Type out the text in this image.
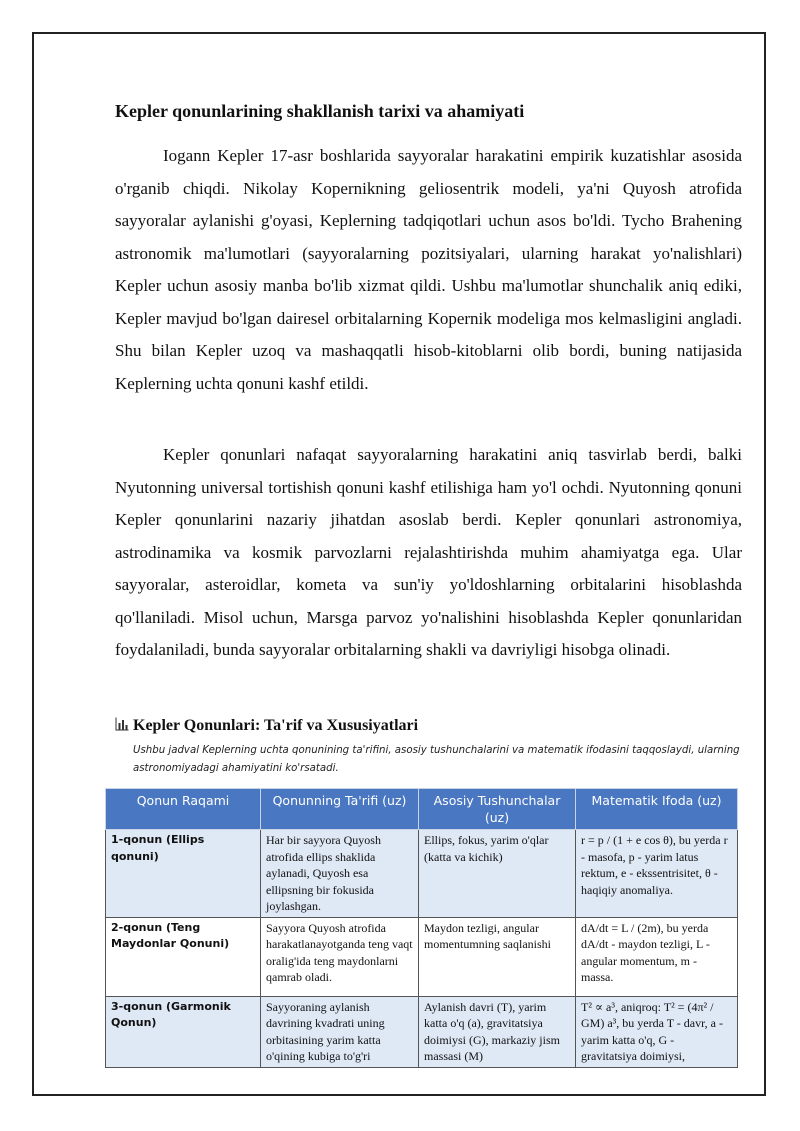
Kepler qonunlarining shakllanish tarixi va ahamiyati

Iogann Kepler 17-asr boshlarida sayyoralar harakatini empirik kuzatishlar asosida o'rganib chiqdi. Nikolay Kopernikning geliosentrik modeli, ya'ni Quyosh atrofida sayyoralar aylanishi g'oyasi, Keplerning tadqiqotlari uchun asos bo'ldi. Tycho Brahening astronomik ma'lumotlari (sayyoralarning pozitsiyalari, ularning harakat yo'nalishlari) Kepler uchun asosiy manba bo'lib xizmat qildi. Ushbu ma'lumotlar shunchalik aniq ediki, Kepler mavjud bo'lgan dairesel orbitalarning Kopernik modeliga mos kelmasligini angladi. Shu bilan Kepler uzoq va mashaqqatli hisob-kitoblarni olib bordi, buning natijasida Keplerning uchta qonuni kashf etildi.

Kepler qonunlari nafaqat sayyoralarning harakatini aniq tasvirlab berdi, balki Nyutonning universal tortishish qonuni kashf etilishiga ham yo'l ochdi. Nyutonning qonuni Kepler qonunlarini nazariy jihatdan asoslab berdi. Kepler qonunlari astronomiya, astrodinamika va kosmik parvozlarni rejalashtirishda muhim ahamiyatga ega. Ular sayyoralar, asteroidlar, kometa va sun'iy yo'ldoshlarning orbitalarini hisoblashda qo'llaniladi. Misol uchun, Marsga parvoz yo'nalishini hisoblashda Kepler qonunlaridan foydalaniladi, bunda sayyoralar orbitalarning shakli va davriyligi hisobga olinadi.

Kepler Qonunlari: Ta'rif va Xususiyatlari
Ushbu jadval Keplerning uchta qonunining ta'rifini, asosiy tushunchalarini va matematik ifodasini taqqoslaydi, ularning astronomiyadagi ahamiyatini ko'rsatadi.
Qonun Raqami	Qonunning Ta'rifi (uz)	Asosiy Tushunchalar (uz)	Matematik Ifoda (uz)
1-qonun (Ellips qonuni)	Har bir sayyora Quyosh atrofida ellips shaklida aylanadi, Quyosh esa ellipsning bir fokusida joylashgan.	Ellips, fokus, yarim o'qlar (katta va kichik)	r = p / (1 + e cos θ), bu yerda r - masofa, p - yarim latus rektum, e - ekssentrisitet, θ - haqiqiy anomaliya.
2-qonun (Teng Maydonlar Qonuni)	Sayyora Quyosh atrofida harakatlanayotganda teng vaqt oralig'ida teng maydonlarni qamrab oladi.	Maydon tezligi, angular momentumning saqlanishi	dA/dt = L / (2m), bu yerda dA/dt - maydon tezligi, L - angular momentum, m - massa.
3-qonun (Garmonik Qonun)	Sayyoraning aylanish davrining kvadrati uning orbitasining yarim katta o'qining kubiga to'g'ri	Aylanish davri (T), yarim katta o'q (a), gravitatsiya doimiysi (G), markaziy jism massasi (M)	T² ∝ a³, aniqroq: T² = (4π² / GM) a³, bu yerda T - davr, a - yarim katta o'q, G - gravitatsiya doimiysi,
